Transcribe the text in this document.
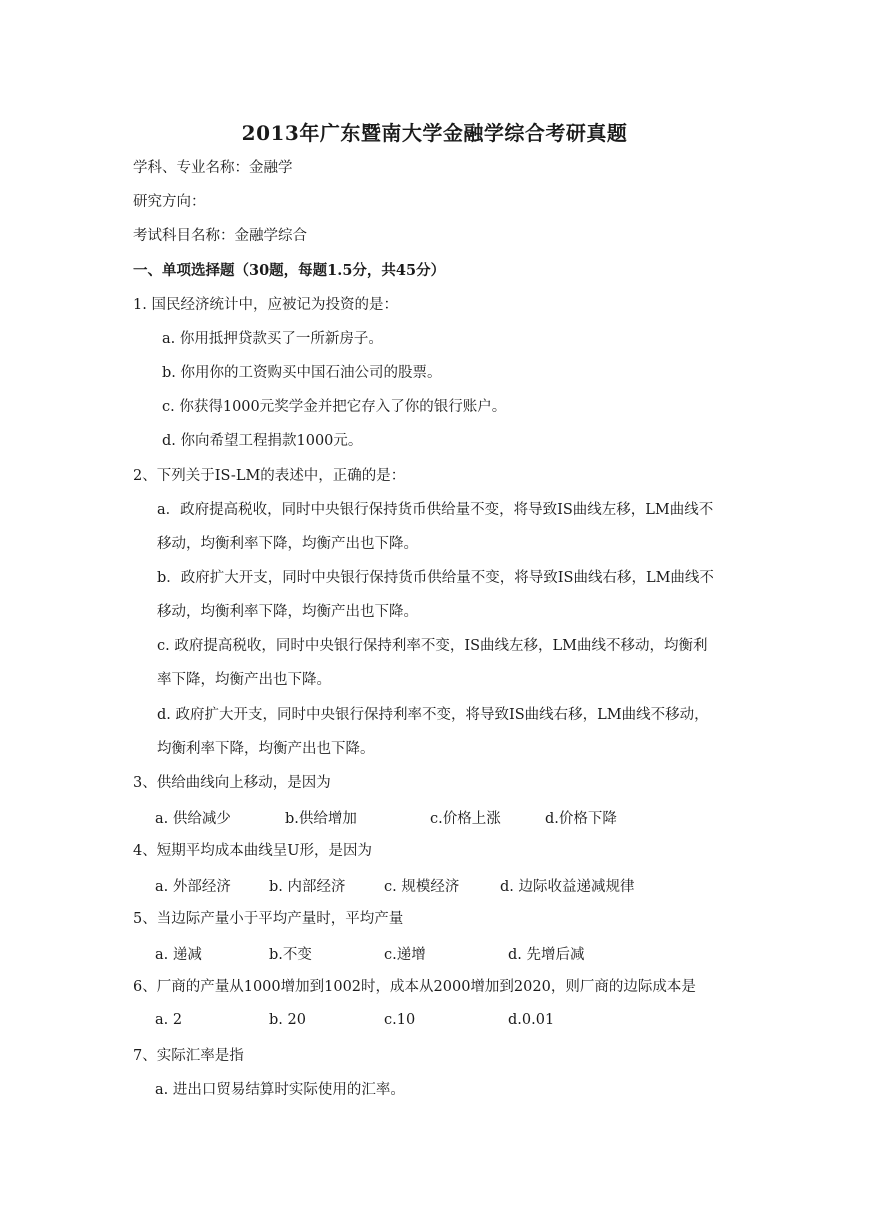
2013年广东暨南大学金融学综合考研真题
学科、专业名称：金融学
研究方向：
考试科目名称：金融学综合
一、单项选择题（30题，每题1.5分，共45分）
1. 国民经济统计中，应被记为投资的是：
a. 你用抵押贷款买了一所新房子。
b. 你用你的工资购买中国石油公司的股票。
c. 你获得1000元奖学金并把它存入了你的银行账户。
d. 你向希望工程捐款1000元。
2、下列关于IS-LM的表述中，正确的是：
a．政府提高税收，同时中央银行保持货币供给量不变，将导致IS曲线左移，LM曲线不
移动，均衡利率下降，均衡产出也下降。
b．政府扩大开支，同时中央银行保持货币供给量不变，将导致IS曲线右移，LM曲线不
移动，均衡利率下降，均衡产出也下降。
c. 政府提高税收，同时中央银行保持利率不变，IS曲线左移，LM曲线不移动，均衡利
率下降，均衡产出也下降。
d. 政府扩大开支，同时中央银行保持利率不变，将导致IS曲线右移，LM曲线不移动，
均衡利率下降，均衡产出也下降。
3、供给曲线向上移动，是因为
a. 供给减少	b.供给增加	c.价格上涨	d.价格下降
4、短期平均成本曲线呈U形，是因为
a. 外部经济	b. 内部经济	c. 规模经济	d. 边际收益递减规律
5、当边际产量小于平均产量时，平均产量
a. 递减	b.不变	c.递增	d. 先增后减
6、厂商的产量从1000增加到1002时，成本从2000增加到2020，则厂商的边际成本是
a. 2	b. 20	c.10	d.0.01
7、实际汇率是指
a. 进出口贸易结算时实际使用的汇率。
